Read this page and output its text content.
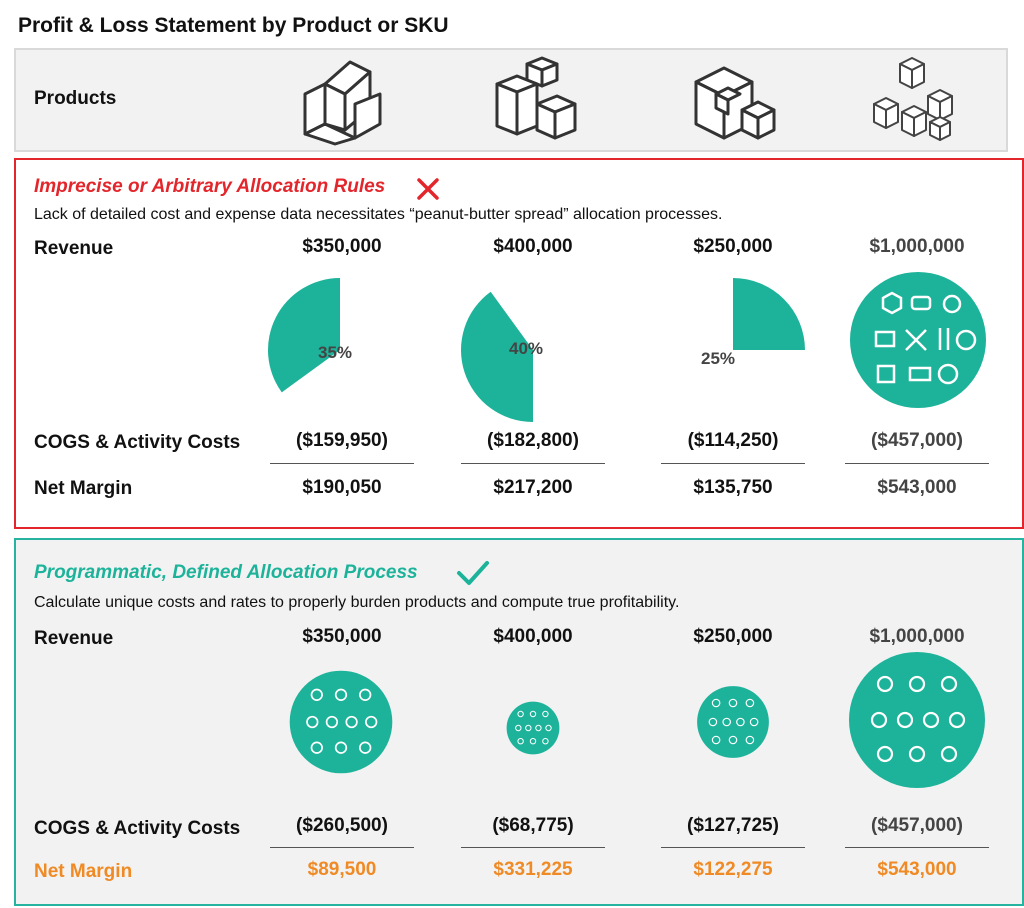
Profit & Loss Statement by Product or SKU
Products
Imprecise or Arbitrary Allocation Rules
Lack of detailed cost and expense data necessitates “peanut-butter spread” allocation processes.
Revenue
COGS & Activity Costs
Net Margin
$350,000	$400,000	$250,000	$1,000,000
35%	40%
25%
($159,950)	($182,800)	($114,250)	($457,000)
$190,050	$217,200	$135,750	$543,000
Programmatic, Defined Allocation Process
Calculate unique costs and rates to properly burden products and compute true profitability.
Revenue
COGS & Activity Costs
Net Margin
$350,000	$400,000	$250,000	$1,000,000
($260,500)	($68,775)	($127,725)	($457,000)
$89,500	$331,225	$122,275	$543,000
